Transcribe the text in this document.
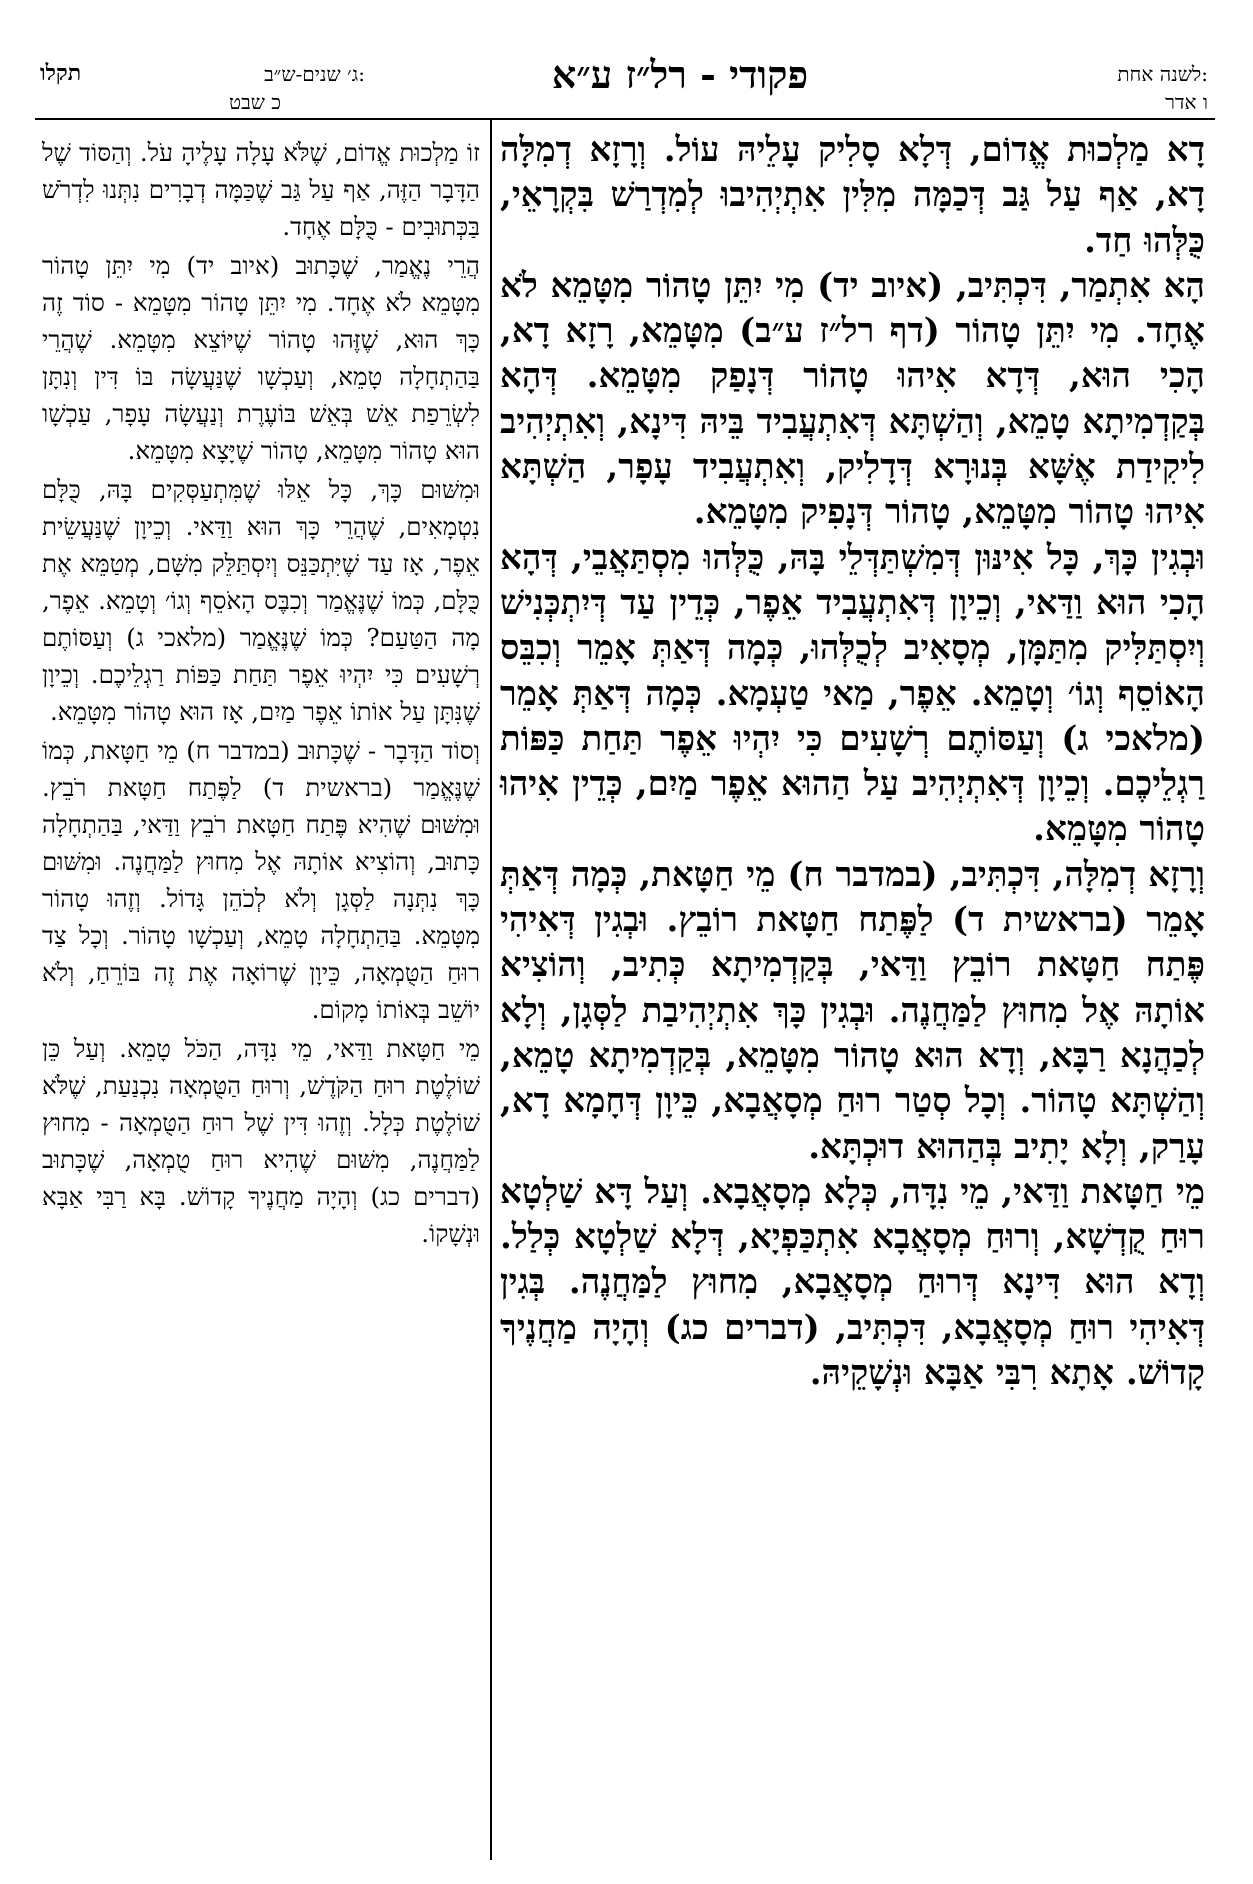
תקלו	ג׳ שנים-ש״ב:
כ שבט
פקודי - רל״ז ע״א	לשנה אחת:
ו אדר

דָא מַלְכוּת אֱדוֹם, דְּלָא סָלִיק עָלֵיהּ עוֹל. וְרָזָא דְמִלָּה דָא, אַף עַל גַּב דְּכַמָּה מִלִּין אִתְיְהִיבוּ לְמִדְרַשׁ בִּקְרָאֵי, כֻּלְּהוּ חַד.

הָא אִתְמַר, דִּכְתִּיב, (איוב יד) מִי יִתֵּן טָהוֹר מִטָּמֵא לֹא אֶחָד. מִי יִתֵּן טָהוֹר (דף רל״ז ע״ב) מִטָּמֵא, רָזָא דָא, הָכִי הוּא, דְּדָא אִיהוּ טָהוֹר דְּנָפַק מִטָּמֵא. דְּהָא בְּקַדְמִיתָא טָמֵא, וְהַשְׁתָּא דְּאִתְעֲבִיד בֵּיהּ דִּינָא, וְאִתְיְהִיב לִיקִידַת אֶשָּׁא בְּנוּרָא דְּדָלִיק, וְאִתְעֲבִיד עָפָר, הַשְׁתָּא אִיהוּ טָהוֹר מִטָּמֵא, טָהוֹר דְּנָפִיק מִטָּמֵא.

וּבְגִין כָּךְ, כָּל אִינּוּן דְּמִשְׁתַּדְּלֵי בָּהּ, כֻּלְּהוּ מִסְתַּאֲבֵי, דְּהָא הָכִי הוּא וַדַּאי, וְכֵיוָן דְּאִתְעֲבִיד אֵפֶר, כְּדֵין עַד דְּיִתְכְּנִישׁ וְיִסְתַּלִּיק מִתַּמָּן, מְסָאִיב לְכֻלְּהוּ, כְּמָה דְּאַתְּ אָמֵר וְכִבֵּס הָאוֹסֵף וְגוֹ׳ וְטָמֵא. אֵפֶר, מַאי טַעְמָא. כְּמָה דְּאַתְּ אָמֵר (מלאכי ג) וְעַסּוֹתֶם רְשָׁעִים כִּי יִהְיוּ אֵפֶר תַּחַת כַּפּוֹת רַגְלֵיכֶם. וְכֵיוָן דְּאִתְיְהִיב עַל הַהוּא אֵפֶר מַיִם, כְּדֵין אִיהוּ טָהוֹר מִטָּמֵא.

וְרָזָא דְמִלָּה, דִּכְתִּיב, (במדבר ח) מֵי חַטָּאת, כְּמָה דְּאַתְּ אָמֵר (בראשית ד) לַפֶּתַח חַטָּאת רוֹבֵץ. וּבְגִין דְּאִיהִי פֶּתַח חַטָּאת רוֹבֵץ וַדַּאי, בְּקַדְמִיתָא כְּתִיב, וְהוֹצִיא אוֹתָהּ אֶל מִחוּץ לַמַּחֲנֶה. וּבְגִין כָּךְ אִתְיְהִיבַת לַסְּגָן, וְלָא לְכַהֲנָא רַבָּא, וְדָא הוּא טָהוֹר מִטָּמֵא, בְּקַדְמִיתָא טָמֵא, וְהַשְׁתָּא טָהוֹר. וְכָל סְטַר רוּחַ מְסָאֲבָא, כֵּיוָן דְּחָמָא דָא, עָרַק, וְלָא יָתִיב בְּהַהוּא דוּכְתָּא.

מֵי חַטָּאת וַדַּאי, מֵי נִדָּה, כְּלָא מְסָאֲבָא. וְעַל דָּא שַׁלְטָא רוּחַ קֻדְשָׁא, וְרוּחַ מְסָאֲבָא אִתְכַּפְיָא, דְּלָא שַׁלְטָא כְּלַל. וְדָא הוּא דִּינָא דְּרוּחַ מְסָאֲבָא, מִחוּץ לַמַּחֲנֶה. בְּגִין דְּאִיהִי רוּחַ מְסָאֲבָא, דִּכְתִּיב, (דברים כג) וְהָיָה מַחֲנֶיךָ קָדוֹשׁ. אָתָא רִבִּי אַבָּא וּנְשָׁקֵיהּ.

זוֹ מַלְכוּת אֱדוֹם, שֶׁלֹּא עָלָה עָלֶיהָ עֹל. וְהַסּוֹד שֶׁל הַדָּבָר הַזֶּה, אַף עַל גַּב שֶׁכַּמָּה דְבָרִים נִתְּנוּ לִדְרֹשׁ בַּכְּתוּבִים - כֻּלָּם אֶחָד.

הֲרֵי נֶאֱמַר, שֶׁכָּתוּב (איוב יד) מִי יִתֵּן טָהוֹר מִטָּמֵא לֹא אֶחָד. מִי יִתֵּן טָהוֹר מִטָּמֵא - סוֹד זֶה כָּךְ הוּא, שֶׁזֶּהוּ טָהוֹר שֶׁיּוֹצֵא מִטָּמֵא. שֶׁהֲרֵי בַּהַתְחָלָה טָמֵא, וְעַכְשָׁו שֶׁנַּעֲשָׂה בּוֹ דִּין וְנִתָּן לִשְׂרֵפַת אֵשׁ בְּאֵשׁ בּוֹעֶרֶת וְנַעֲשָׂה עָפָר, עַכְשָׁו הוּא טָהוֹר מִטָּמֵא, טָהוֹר שֶׁיָּצָא מִטָּמֵא.

וּמִשּׁוּם כָּךְ, כָּל אֵלּוּ שֶׁמִּתְעַסְּקִים בָּהּ, כֻּלָּם נִטְמָאִים, שֶׁהֲרֵי כָּךְ הוּא וַדַּאי. וְכֵיוָן שֶׁנַּעֲשֵׂית אֵפֶר, אָז עַד שֶׁיִּתְכַּנֵּס וְיִסְתַּלֵּק מִשָּׁם, מְטַמֵּא אֶת כֻּלָּם, כְּמוֹ שֶׁנֶּאֱמַר וְכִבֶּס הָאֹסֵף וְגוֹ׳ וְטָמֵא. אֵפֶר, מָה הַטַּעַם? כְּמוֹ שֶׁנֶּאֱמַר (מלאכי ג) וְעַסּוֹתֶם רְשָׁעִים כִּי יִהְיוּ אֵפֶר תַּחַת כַּפּוֹת רַגְלֵיכֶם. וְכֵיוָן שֶׁנִּתָּן עַל אוֹתוֹ אֵפֶר מַיִם, אָז הוּא טָהוֹר מִטָּמֵא.

וְסוֹד הַדָּבָר - שֶׁכָּתוּב (במדבר ח) מֵי חַטָּאת, כְּמוֹ שֶׁנֶּאֱמַר (בראשית ד) לַפֶּתַח חַטָּאת רֹבֵץ. וּמִשּׁוּם שֶׁהִיא פֶּתַח חַטָּאת רֹבֵץ וַדַּאי, בַּהַתְחָלָה כָּתוּב, וְהוֹצִיא אוֹתָהּ אֶל מִחוּץ לַמַּחֲנֶה. וּמִשּׁוּם כָּךְ נִתְּנָה לַסְּגָן וְלֹא לְכֹהֵן גָּדוֹל. וְזֶהוּ טָהוֹר מִטָּמֵא. בַּהַתְחָלָה טָמֵא, וְעַכְשָׁו טָהוֹר. וְכָל צַד רוּחַ הַטֻּמְאָה, כֵּיוָן שֶׁרוֹאָה אֶת זֶה בּוֹרֵחַ, וְלֹא יוֹשֵׁב בְּאוֹתוֹ מָקוֹם.

מֵי חַטָּאת וַדַּאי, מֵי נִדָּה, הַכֹּל טָמֵא. וְעַל כֵּן שׁוֹלֶטֶת רוּחַ הַקֹּדֶשׁ, וְרוּחַ הַטֻּמְאָה נִכְנַעַת, שֶׁלֹּא שׁוֹלֶטֶת כְּלָל. וְזֶהוּ דִּין שֶׁל רוּחַ הַטֻּמְאָה - מִחוּץ לַמַּחֲנֶה, מִשּׁוּם שֶׁהִיא רוּחַ טֻמְאָה, שֶׁכָּתוּב (דברים כג) וְהָיָה מַחֲנֶיךָ קָדוֹשׁ. בָּא רַבִּי אַבָּא וּנְשָׁקוֹ.
